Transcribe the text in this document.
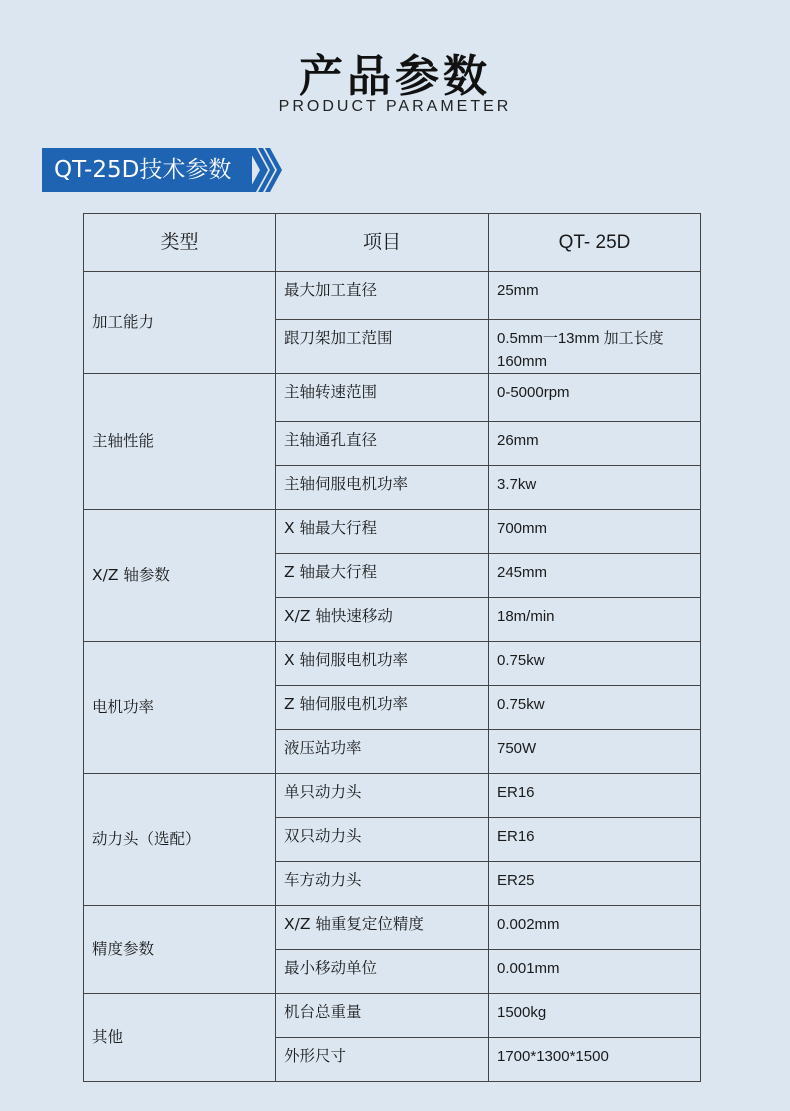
产品参数
PRODUCT PARAMETER
QT-25D技术参数
类型	项目	QT- 25D
加工能力	最大加工直径	25mm
	跟刀架加工范围	0.5mm一13mm 加工长度 160mm
主轴性能	主轴转速范围	0-5000rpm
	主轴通孔直径	26mm
	主轴伺服电机功率	3.7kw
X/Z 轴参数	X 轴最大行程	700mm
	Z 轴最大行程	245mm
	X/Z 轴快速移动	18m/min
电机功率	X 轴伺服电机功率	0.75kw
	Z 轴伺服电机功率	0.75kw
	液压站功率	750W
动力头（选配）	单只动力头	ER16
	双只动力头	ER16
	车方动力头	ER25
精度参数	X/Z 轴重复定位精度	0.002mm
	最小移动单位	0.001mm
其他	机台总重量	1500kg
	外形尺寸	1700*1300*1500
